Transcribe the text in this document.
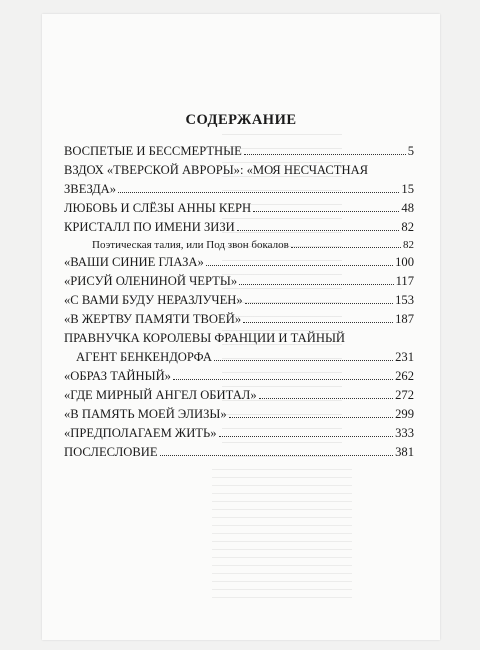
СОДЕРЖАНИЕ
ВОСПЕТЫЕ И БЕССМЕРТНЫЕ	5
ВЗДОХ «ТВЕРСКОЙ АВРОРЫ»: «МОЯ НЕСЧАСТНАЯ
ЗВЕЗДА»	15
ЛЮБОВЬ И СЛЁЗЫ АННЫ КЕРН	48
КРИСТАЛЛ ПО ИМЕНИ ЗИЗИ	82
Поэтическая талия, или Под звон бокалов	82
«ВАШИ СИНИЕ ГЛАЗА»	100
«РИСУЙ ОЛЕНИНОЙ ЧЕРТЫ»	117
«С ВАМИ БУДУ НЕРАЗЛУЧЕН»	153
«В ЖЕРТВУ ПАМЯТИ ТВОЕЙ»	187
ПРАВНУЧКА КОРОЛЕВЫ ФРАНЦИИ И ТАЙНЫЙ
АГЕНТ БЕНКЕНДОРФА	231
«ОБРАЗ ТАЙНЫЙ»	262
«ГДЕ МИРНЫЙ АНГЕЛ ОБИТАЛ»	272
«В ПАМЯТЬ МОЕЙ ЭЛИЗЫ»	299
«ПРЕДПОЛАГАЕМ ЖИТЬ»	333
ПОСЛЕСЛОВИЕ	381
